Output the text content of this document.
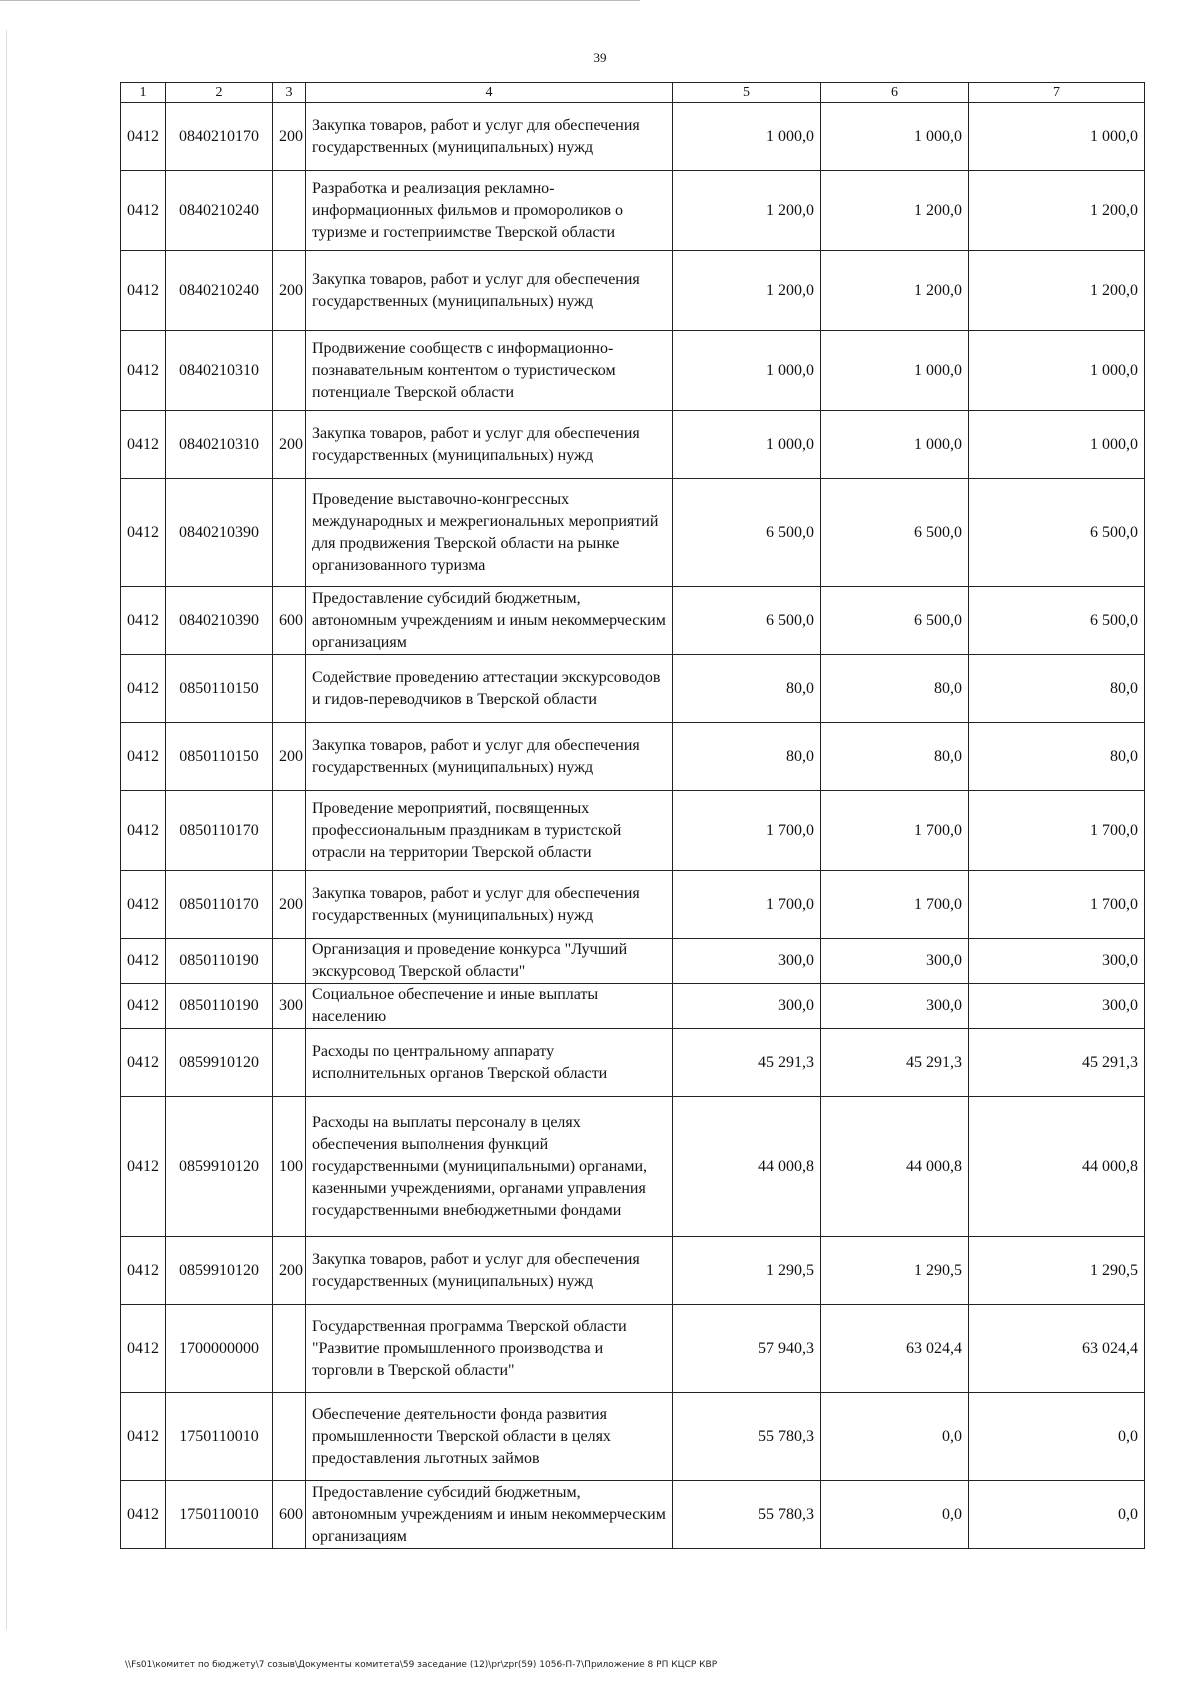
39
1	2	3	4	5	6	7
0412	0840210170	200	Закупка товаров, работ и услуг для обеспечения государственных (муниципальных) нужд	1 000,0	1 000,0	1 000,0
0412	0840210240		Разработка и реализация рекламно-информационных фильмов и промороликов о туризме и гостеприимстве Тверской области	1 200,0	1 200,0	1 200,0
0412	0840210240	200	Закупка товаров, работ и услуг для обеспечения государственных (муниципальных) нужд	1 200,0	1 200,0	1 200,0
0412	0840210310		Продвижение сообществ с информационно-познавательным контентом о туристическом потенциале Тверской области	1 000,0	1 000,0	1 000,0
0412	0840210310	200	Закупка товаров, работ и услуг для обеспечения государственных (муниципальных) нужд	1 000,0	1 000,0	1 000,0
0412	0840210390		Проведение выставочно-конгрессных международных и межрегиональных мероприятий для продвижения Тверской области на рынке организованного туризма	6 500,0	6 500,0	6 500,0
0412	0840210390	600	Предоставление субсидий бюджетным, автономным учреждениям и иным некоммерческим организациям	6 500,0	6 500,0	6 500,0
0412	0850110150		Содействие проведению аттестации экскурсоводов и гидов-переводчиков в Тверской области	80,0	80,0	80,0
0412	0850110150	200	Закупка товаров, работ и услуг для обеспечения государственных (муниципальных) нужд	80,0	80,0	80,0
0412	0850110170		Проведение мероприятий, посвященных профессиональным праздникам в туристской отрасли на территории Тверской области	1 700,0	1 700,0	1 700,0
0412	0850110170	200	Закупка товаров, работ и услуг для обеспечения государственных (муниципальных) нужд	1 700,0	1 700,0	1 700,0
0412	0850110190		Организация и проведение конкурса "Лучший экскурсовод Тверской области"	300,0	300,0	300,0
0412	0850110190	300	Социальное обеспечение и иные выплаты населению	300,0	300,0	300,0
0412	0859910120		Расходы по центральному аппарату исполнительных органов Тверской области	45 291,3	45 291,3	45 291,3
0412	0859910120	100	Расходы на выплаты персоналу в целях обеспечения выполнения функций государственными (муниципальными) органами, казенными учреждениями, органами управления государственными внебюджетными фондами	44 000,8	44 000,8	44 000,8
0412	0859910120	200	Закупка товаров, работ и услуг для обеспечения государственных (муниципальных) нужд	1 290,5	1 290,5	1 290,5
0412	1700000000		Государственная программа Тверской области "Развитие промышленного производства и торговли в Тверской области"	57 940,3	63 024,4	63 024,4
0412	1750110010		Обеспечение деятельности фонда развития промышленности Тверской области в целях предоставления льготных займов	55 780,3	0,0	0,0
0412	1750110010	600	Предоставление субсидий бюджетным, автономным учреждениям и иным некоммерческим организациям	55 780,3	0,0	0,0
\\Fs01\комитет по бюджету\7 созыв\Документы комитета\59 заседание (12)\pr\zpr(59) 1056-П-7\Приложение 8 РП КЦСР КВР
